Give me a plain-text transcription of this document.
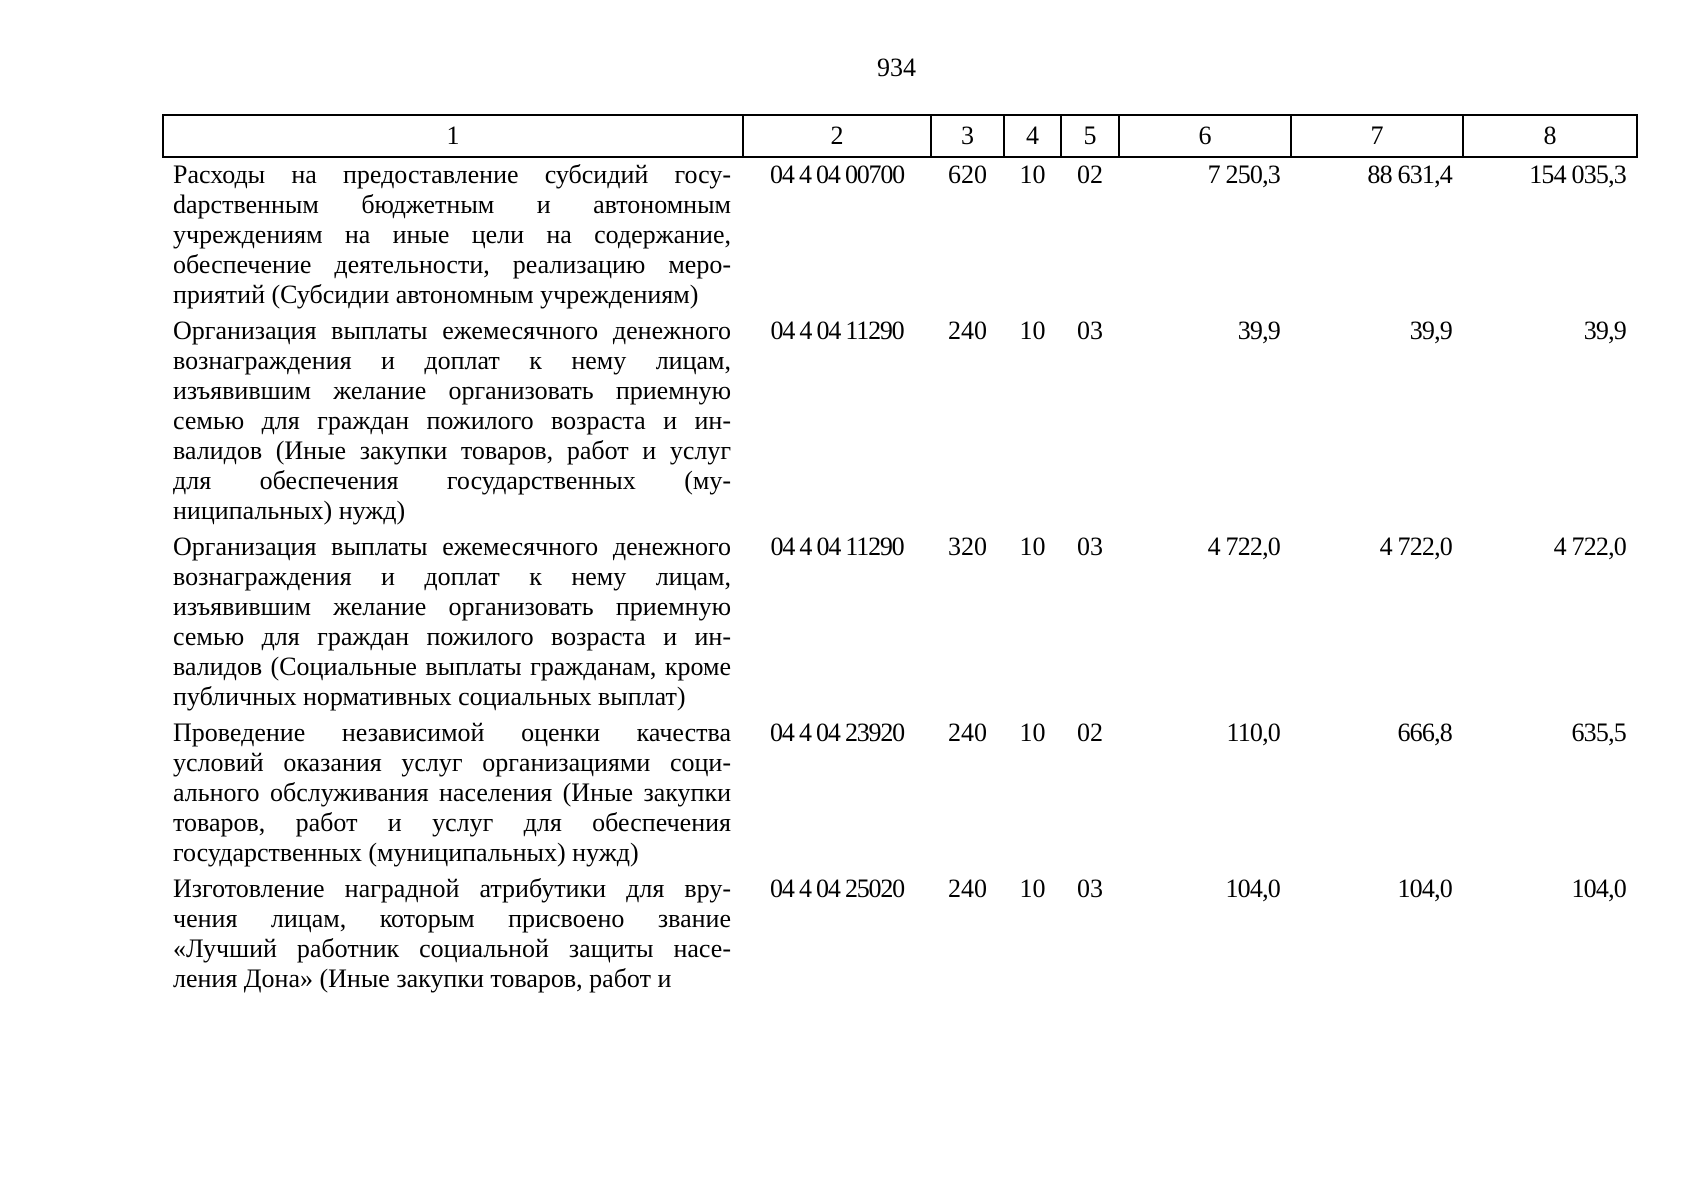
934
1	2	3	4	5	6	7	8
Расходы на предоставление субсидий госуdарственным бюджетным и автономным учреждениям на иные цели на содержание, обеспечение деятельности, реализацию мероприятий (Субсидии автономным учреждениям)	04 4 04 00700	620	10	02	7 250,3	88 631,4	154 035,3
Организация выплаты ежемесячного денежного вознаграждения и доплат к нему лицам, изъявившим желание организовать приемную семью для граждан пожилого возраста и инвалидов (Иные закупки товаров, работ и услуг для обеспечения государственных (муниципальных) нужд)	04 4 04 11290	240	10	03	39,9	39,9	39,9
Организация выплаты ежемесячного денежного вознаграждения и доплат к нему лицам, изъявившим желание организовать приемную семью для граждан пожилого возраста и инвалидов (Социальные выплаты гражданам, кроме публичных нормативных социальных выплат)	04 4 04 11290	320	10	03	4 722,0	4 722,0	4 722,0
Проведение независимой оценки качества условий оказания услуг организациями социального обслуживания населения (Иные закупки товаров, работ и услуг для обеспечения государственных (муниципальных) нужд)	04 4 04 23920	240	10	02	110,0	666,8	635,5
Изготовление наградной атрибутики для вручения лицам, которым присвоено звание «Лучший работник социальной защиты населения Дона» (Иные закупки товаров, работ и	04 4 04 25020	240	10	03	104,0	104,0	104,0
